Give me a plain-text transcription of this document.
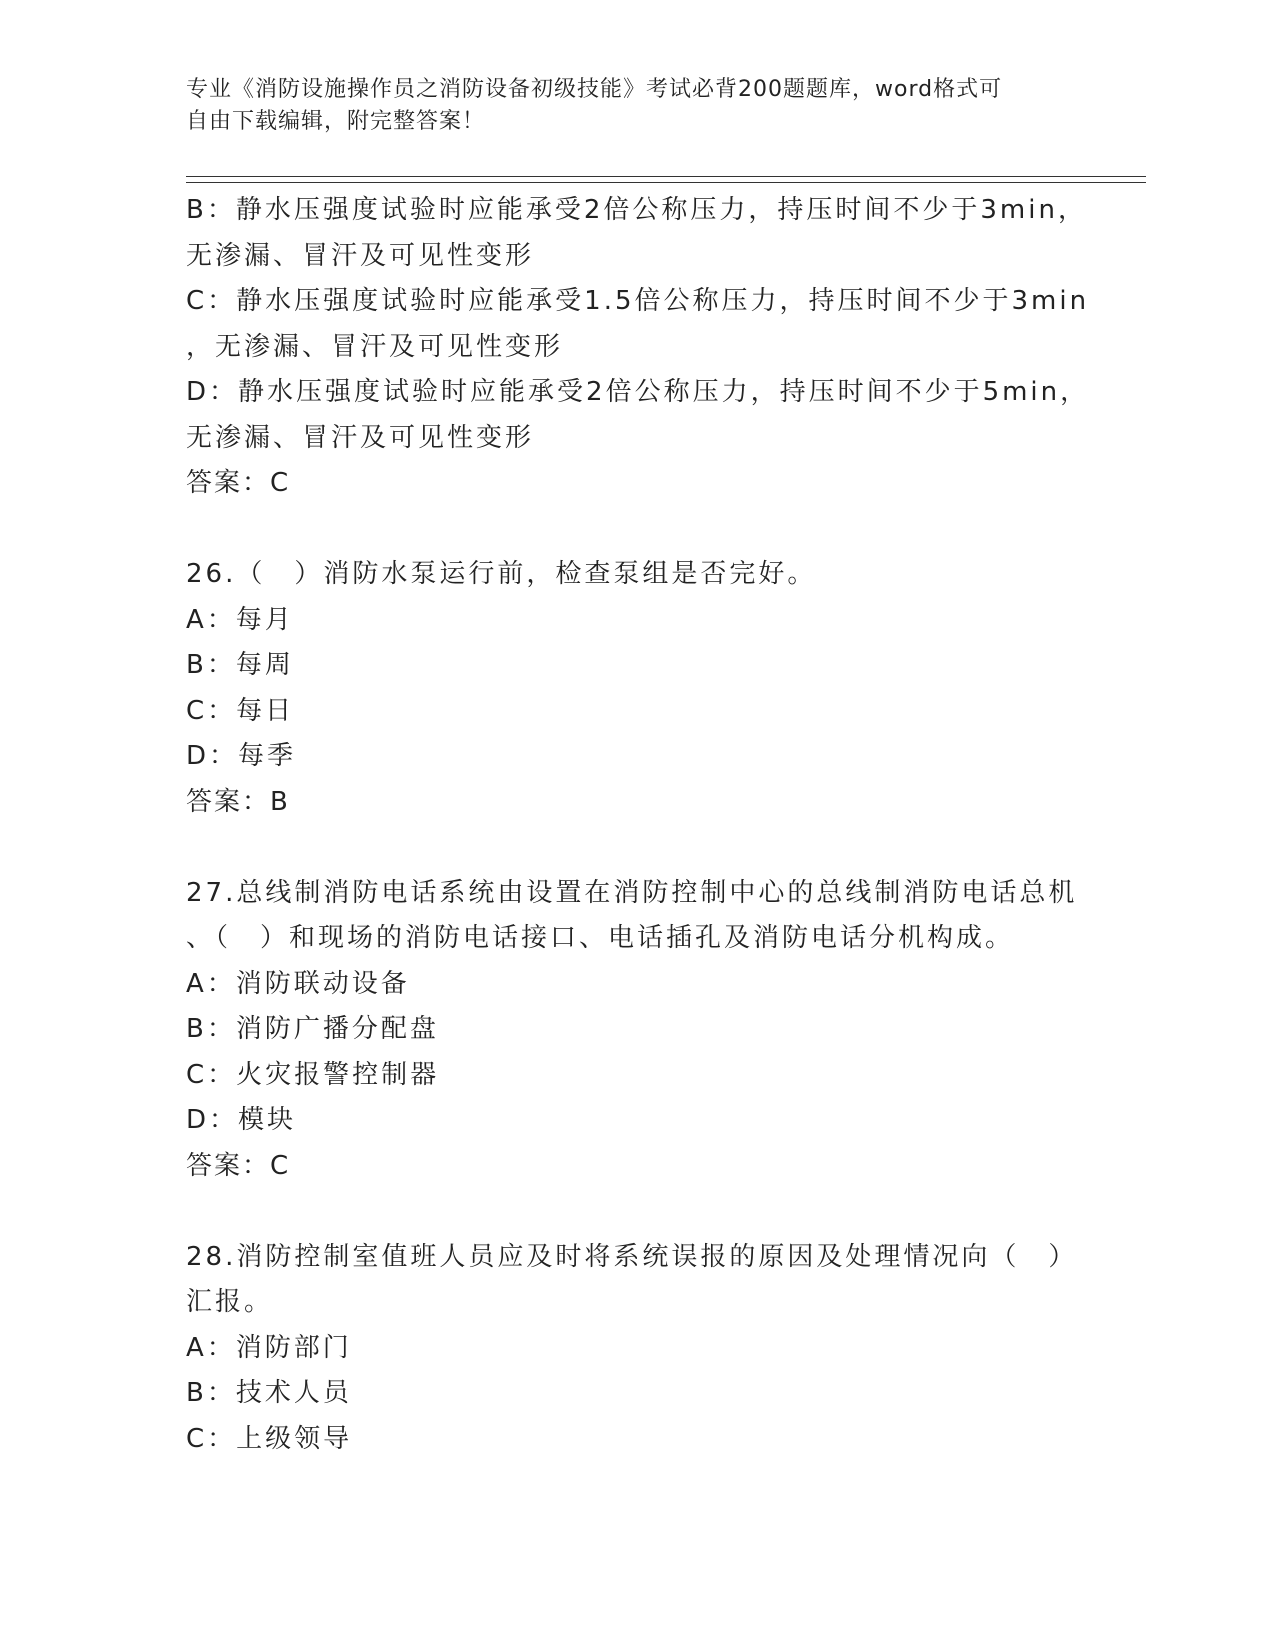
专业《消防设施操作员之消防设备初级技能》考试必背200题题库，word格式可
自由下载编辑，附完整答案！
B：静水压强度试验时应能承受2倍公称压力，持压时间不少于3min，
无渗漏、冒汗及可见性变形
C：静水压强度试验时应能承受1.5倍公称压力，持压时间不少于3min
，无渗漏、冒汗及可见性变形
D：静水压强度试验时应能承受2倍公称压力，持压时间不少于5min，
无渗漏、冒汗及可见性变形
答案：C
26.（　）消防水泵运行前，检查泵组是否完好。
A：每月
B：每周
C：每日
D：每季
答案：B
27.总线制消防电话系统由设置在消防控制中心的总线制消防电话总机
、（　）和现场的消防电话接口、电话插孔及消防电话分机构成。
A：消防联动设备
B：消防广播分配盘
C：火灾报警控制器
D：模块
答案：C
28.消防控制室值班人员应及时将系统误报的原因及处理情况向（　）
汇报。
A：消防部门
B：技术人员
C：上级领导
